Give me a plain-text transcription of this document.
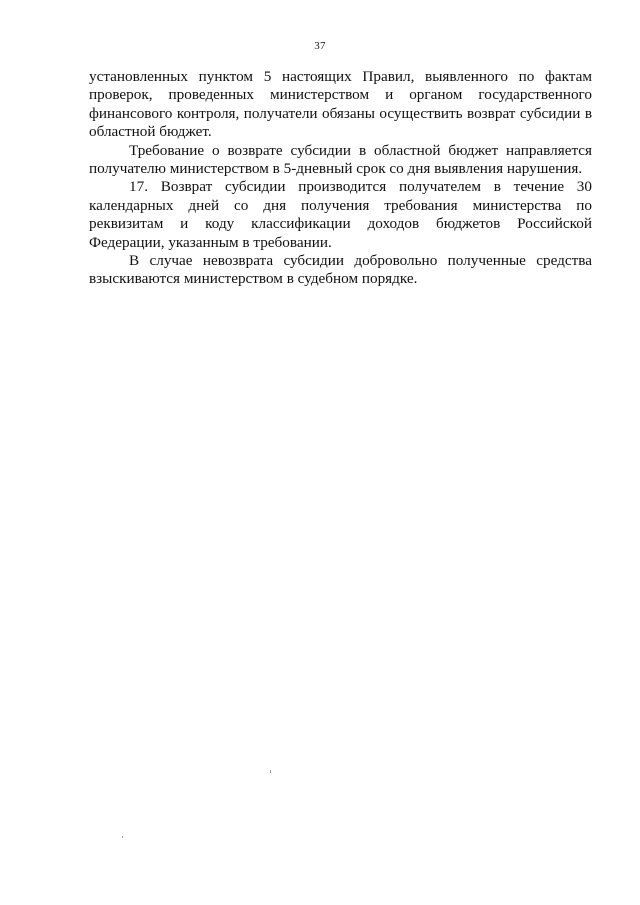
37

установленных пунктом 5 настоящих Правил, выявленного по фактам проверок, проведенных министерством и органом государственного финансового контроля, получатели обязаны осуществить возврат субсидии в областной бюджет.

Требование о возврате субсидии в областной бюджет направляется получателю министерством в 5-дневный срок со дня выявления нарушения.

17. Возврат субсидии производится получателем в течение 30 календарных дней со дня получения требования министерства по реквизитам и коду классификации доходов бюджетов Российской Федерации, указанным в требовании.

В случае невозврата субсидии добровольно полученные средства взыскиваются министерством в судебном порядке.
